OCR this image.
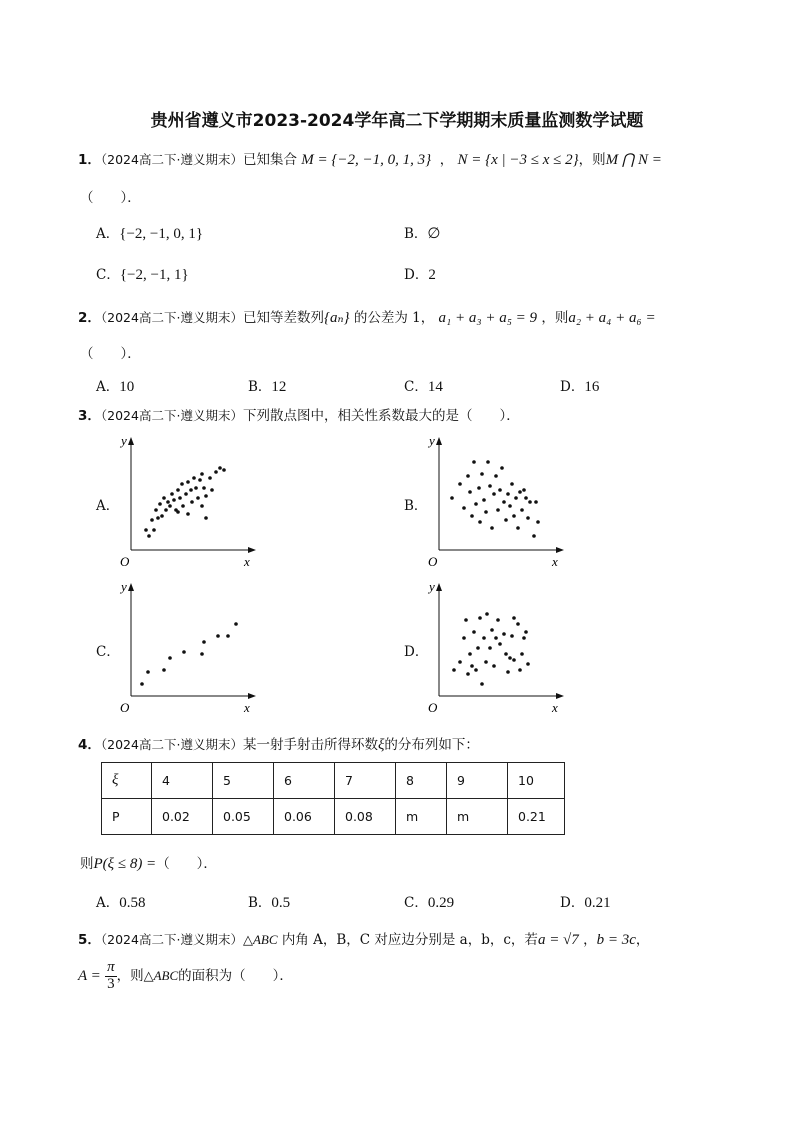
贵州省遵义市2023-2024学年高二下学期期末质量监测数学试题
1．（2024高二下·遵义期末）已知集合 M = {−2, −1, 0, 1, 3}  ， N = {x | −3 ≤ x ≤ 2}，则M ⋂ N =
（　　）．
A．{−2, −1, 0, 1}	B．∅
C．{−2, −1, 1}	D．2
2．（2024高二下·遵义期末）已知等差数列{aₙ} 的公差为 1， a₁ + a₃ + a₅ = 9 ，则a₂ + a₄ + a₆ =
（　　）．
A．10	B．12	C．14	D．16
3．（2024高二下·遵义期末）下列散点图中，相关性系数最大的是（　　）．
A．	B．
C．	D．
y
x
O
y
x
O
y
x
O
y
x
O
4．（2024高二下·遵义期末）某一射手射击所得环数ξ的分布列如下：
ξ	4	5	6	7	8	9	10
P	0.02	0.05	0.06	0.08	m	m	0.21
则P(ξ ≤ 8) =（　　）．
A．0.58	B．0.5	C．0.29	D．0.21
5．（2024高二下·遵义期末）△ABC 内角 A，B，C 对应边分别是 a，b，c，若a = √7 ，b = 3c，
$A = \frac{\pi}{3}$ ，则△ABC的面积为（　　）．
